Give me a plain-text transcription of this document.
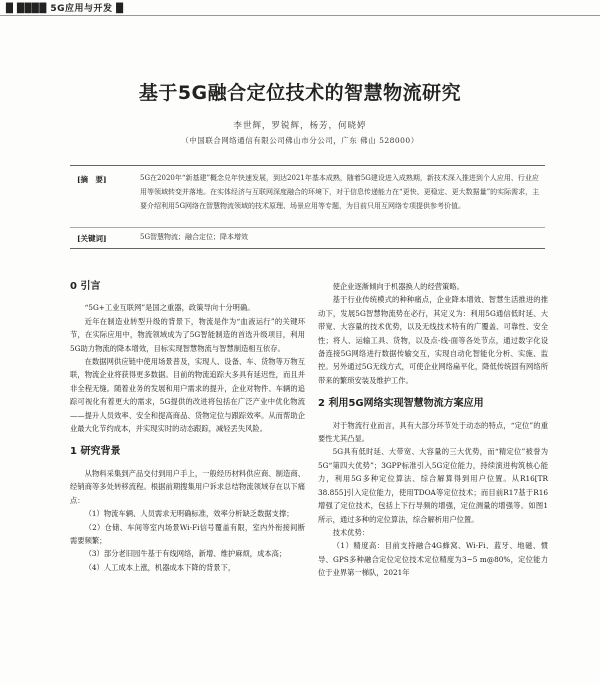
█ ████ 5G应用与开发 █
基于5G融合定位技术的智慧物流研究
李世辉，罗锐辉，杨芳，何晓婷
（中国联合网络通信有限公司佛山市分公司，广东 佛山 528000）
[摘　要]	5G在2020年“新基建”概念兑年快速发展，到达2021年基本成熟，随着5G建设进入成熟期，新技术深入推进到个人应用、行业应用等领域转变并落地。在实体经济与互联网深度融合的环境下，对于信息传递能力在“更快、更稳定、更大数据量”的实际需求，主要介绍利用5G网络在智慧物流领域的技术原理、场景应用等专题，为目前只用互网络专项提供参考价值。
[关键词]	5G智慧物流；融合定位；降本增效
0 引言

“5G+工业互联网”是国之重器，政策导向十分明确。

近年在制造业转型升级的背景下，物流是作为“血液运行”的关键环节，在实际应用中，物流领域成为了5G智能制造的首选升级项目，利用5G助力物流的降本增效，目标实现智慧物流与智慧制造相互依存。

在数据网供应链中使用场景普及，实现人、设备、车、货物等万物互联，物流企业将获得更多数据。目前的物流追踪大多具有延迟性，而且并非全程无缝。随着业务的发展和用户需求的提升，企业对物件、车辆的追踪可视化有着更大的需求，5G提供的改进将包括在广泛产业中优化物流——提升人员效率、安全和提高商品、货物定位与跟踪效率。从而帮助企业最大化节约成本，并实现实时的动态跟踪，减轻丢失风险。

1 研究背景

从物料采集到产品交付到用户手上，一般经历材料供应商、制造商、经销商等多处转移流程。根据前期搜集用户诉求总结物流领域存在以下痛点：

（1）物流车辆、人员需求无明确标准，效率分析缺乏数据支撑；

（2）仓储、车间等室内场景Wi-Fi信号覆盖有限，室内外衔接间断需要频繁；

（3）部分老旧园牛基于有线网络，新增、维护麻烦，成本高；

（4）人工成本上涨，机器成本下降的背景下，

使企业逐渐倾向于机器换人的经营策略。

基于行业传统模式的种种痛点，企业降本增效、智慧生活推进的推动下，发展5G智慧物流势在必行，其定义为：利用5G通信低时延、大带宽、大容量的技术优势，以及无线技术特有的广覆盖、可靠性、安全性；将人、运输工具、货物，以及点-线-面等各处节点，通过数字化设备连接5G网络进行数据传输交互，实现自动化智能化分析、实施、监控。另外通过5G无线方式，可使企业网络扁平化，降低传统固有网络所带来的繁琐安装及维护工作。

2 利用5G网络实现智慧物流方案应用

对于物流行业而言，具有大部分环节处于动态的特点，“定位”的重要性尤其凸显。

5G具有低时延、大带宽、大容量的三大优势，而“精定位”被誉为5G“第四大优势”；3GPP标准引入5G定位能力，持续演进构筑核心能力，利用5G多种定位算法、综合解算得到用户位置。从R16[TR 38.855]引入定位能力，使用TDOA等定位技术；而目前R17基于R16增强了定位技术，包括上下行导频的增强，定位测量的增强等。如图1所示，通过多种的定位算法，综合解析用户位置。

技术优势：

（1）精度高：目前支持融合4G蜂窝、Wi-Fi、蓝牙、地磁、惯导、GPS多种融合定位定位技术定位精度为3~5 m@80%，定位能力位于业界第一梯队，2021年
